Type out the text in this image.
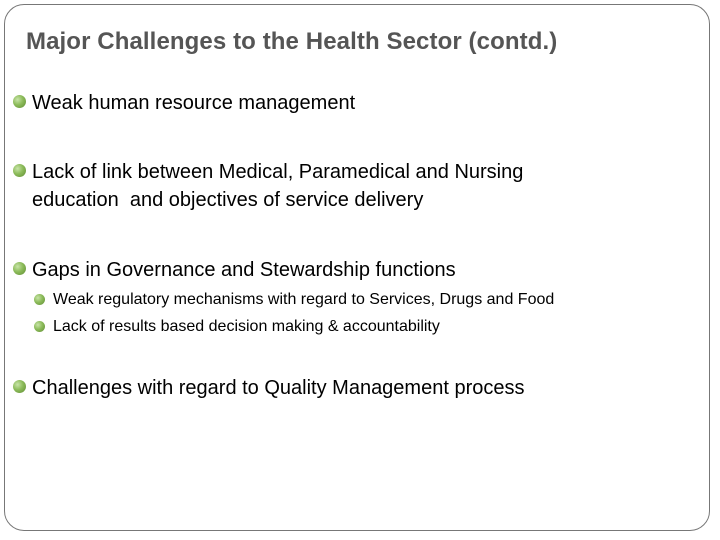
Major Challenges to the Health Sector (contd.)
Weak human resource management
Lack of link between Medical, Paramedical and Nursing
education  and objectives of service delivery
Gaps in Governance and Stewardship functions
Weak regulatory mechanisms with regard to Services, Drugs and Food
Lack of results based decision making & accountability
Challenges with regard to Quality Management process
